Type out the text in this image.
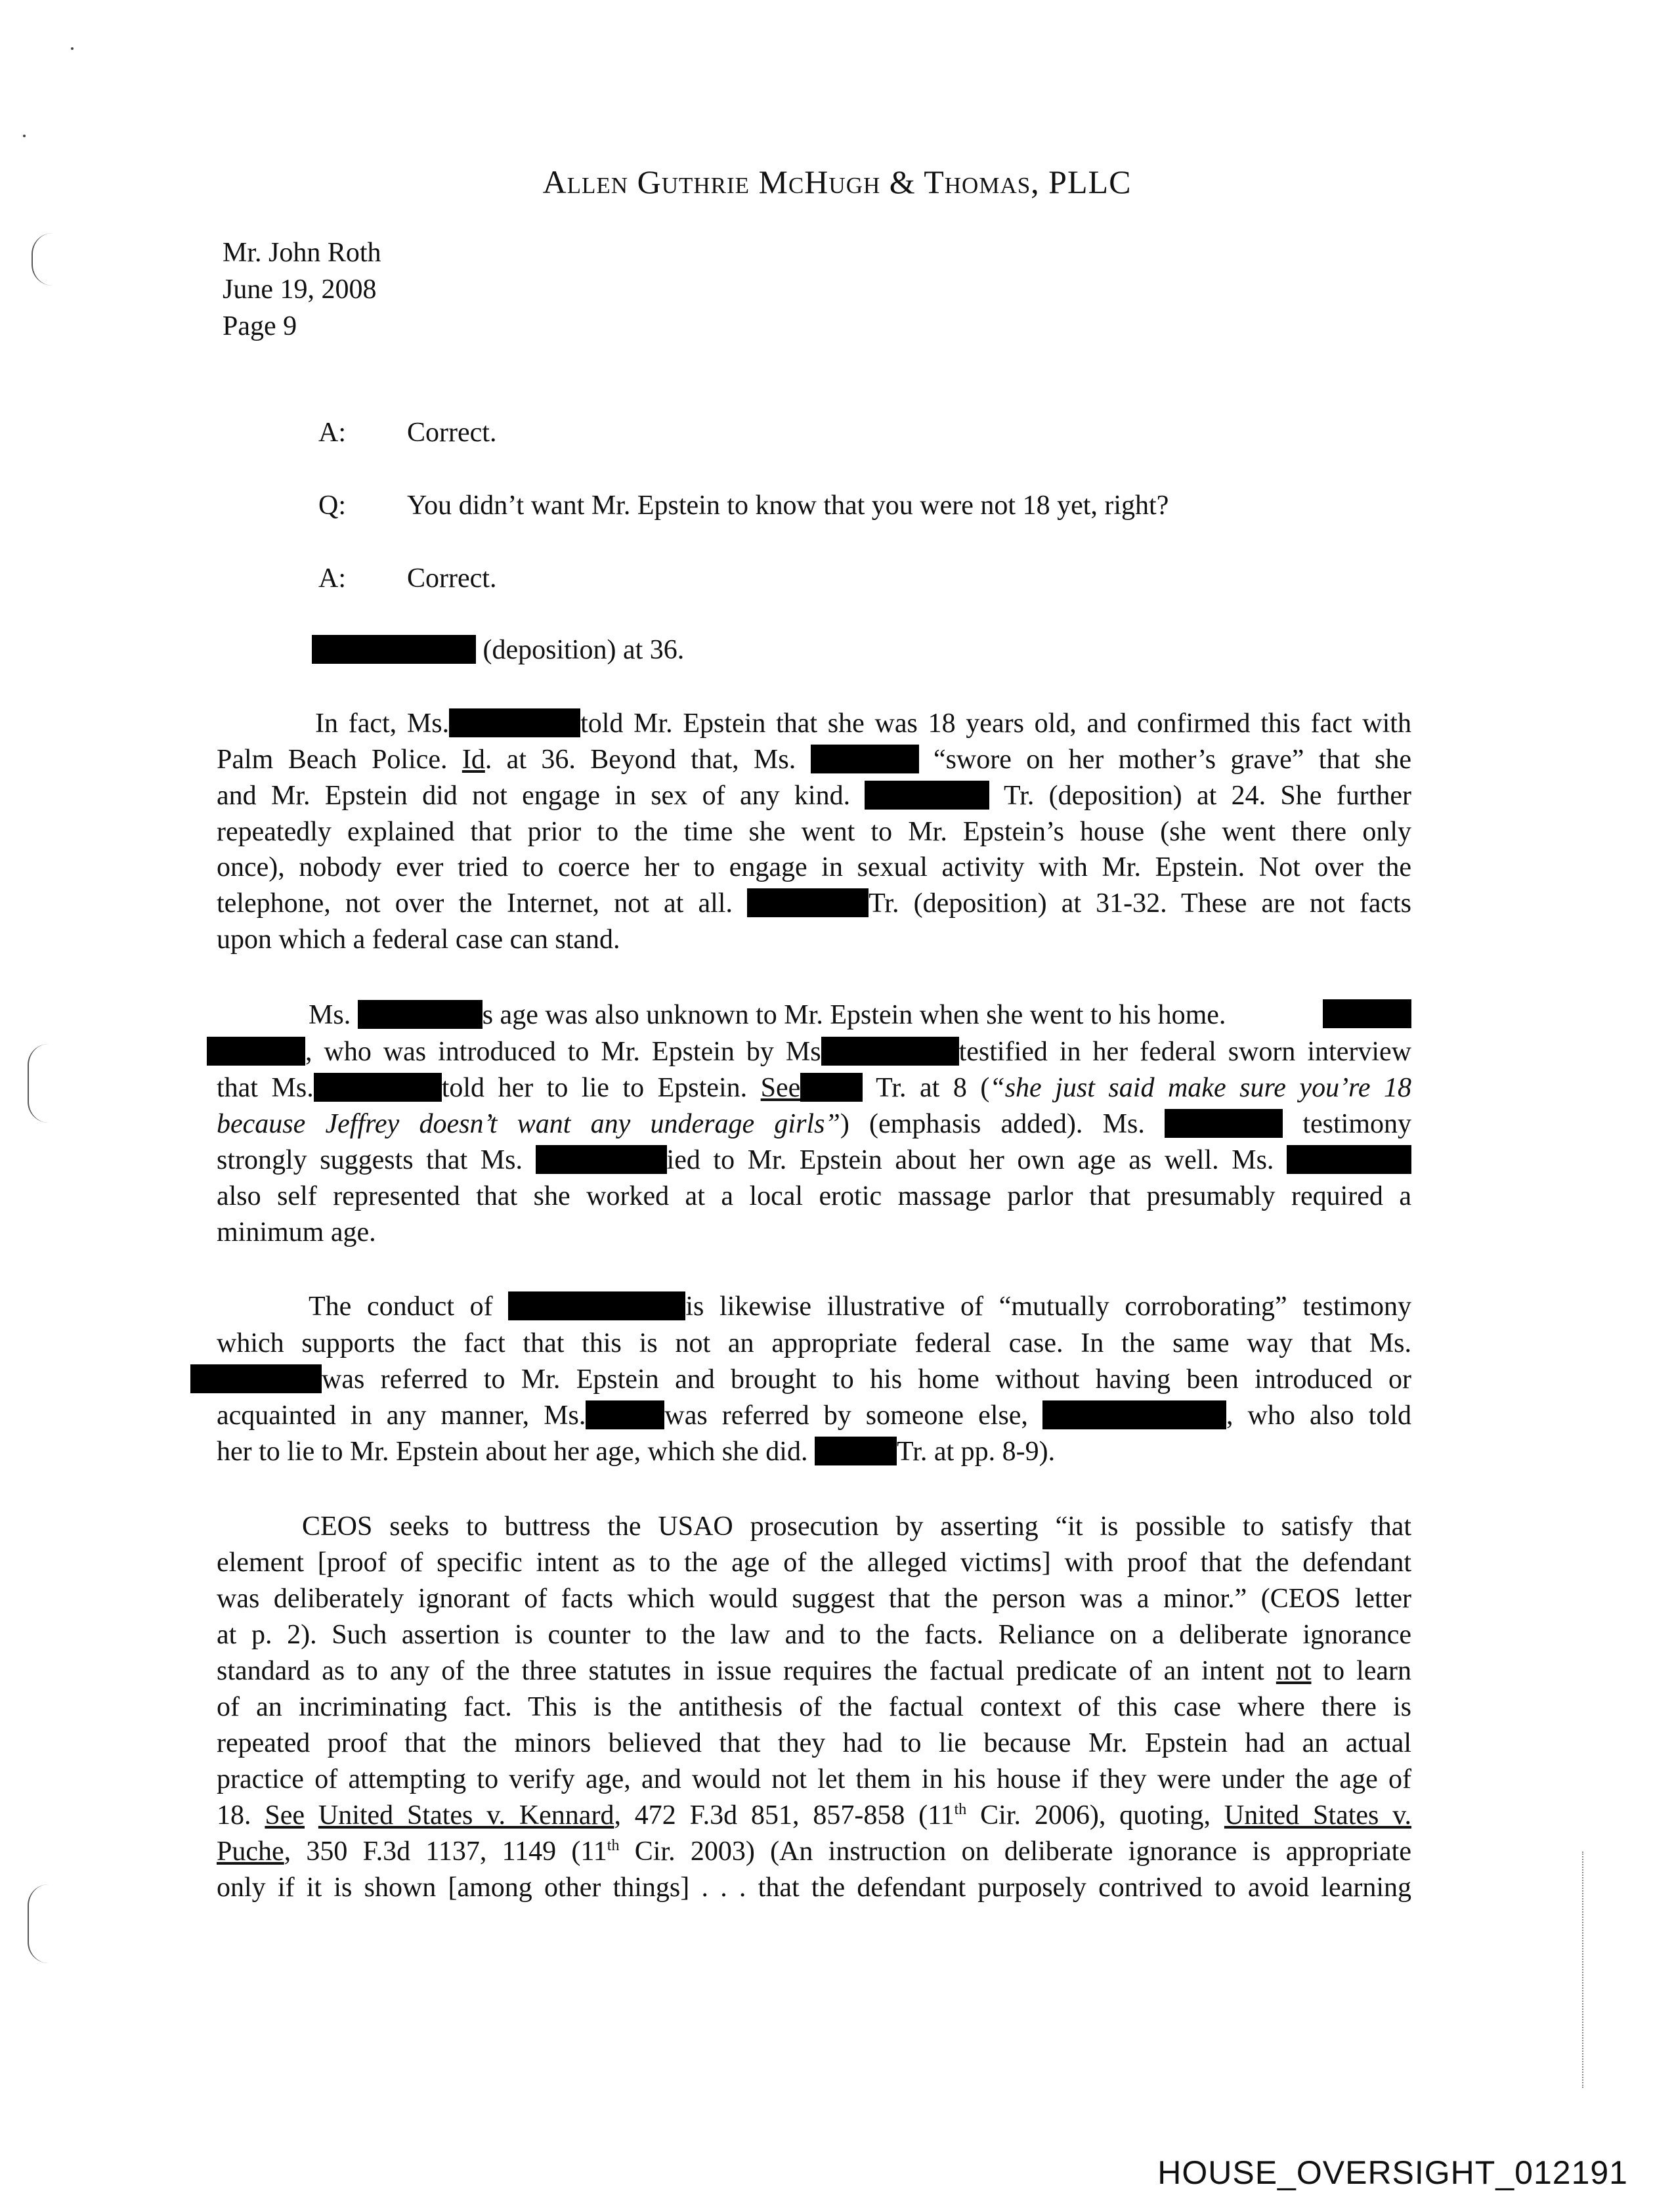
Allen Guthrie McHugh & Thomas, PLLC
Mr. John Roth
June 19, 2008
Page 9
A: Correct.
Q: You didn’t want Mr. Epstein to know that you were not 18 yet, right?
A: Correct.
(deposition) at 36.
In fact, Ms.	told Mr. Epstein that she was 18 years old, and confirmed this fact with
Palm Beach Police. Id. at 36. Beyond that, Ms.	“swore on her mother’s grave” that she
and Mr. Epstein did not engage in sex of any kind.	Tr. (deposition) at 24. She further
repeatedly explained that prior to the time she went to Mr. Epstein’s house (she went there only
once), nobody ever tried to coerce her to engage in sexual activity with Mr. Epstein. Not over the
telephone, not over the Internet, not at all.	Tr. (deposition) at 31-32. These are not facts
upon which a federal case can stand.
Ms.	s age was also unknown to Mr. Epstein when she went to his home.
, who was introduced to Mr. Epstein by Ms	testified in her federal sworn interview
that Ms.	told her to lie to Epstein. See	Tr. at 8 (“she just said make sure you’re 18
because Jeffrey doesn’t want any underage girls”) (emphasis added). Ms.	testimony
strongly suggests that Ms.	ied to Mr. Epstein about her own age as well. Ms.
also self represented that she worked at a local erotic massage parlor that presumably required a
minimum age.
The conduct of	is likewise illustrative of “mutually corroborating” testimony
which supports the fact that this is not an appropriate federal case. In the same way that Ms.
was referred to Mr. Epstein and brought to his home without having been introduced or
acquainted in any manner, Ms.	was referred by someone else,	, who also told
her to lie to Mr. Epstein about her age, which she did.	Tr. at pp. 8-9).
CEOS seeks to buttress the USAO prosecution by asserting “it is possible to satisfy that
element [proof of specific intent as to the age of the alleged victims] with proof that the defendant
was deliberately ignorant of facts which would suggest that the person was a minor.” (CEOS letter
at p. 2). Such assertion is counter to the law and to the facts. Reliance on a deliberate ignorance
standard as to any of the three statutes in issue requires the factual predicate of an intent not to learn
of an incriminating fact. This is the antithesis of the factual context of this case where there is
repeated proof that the minors believed that they had to lie because Mr. Epstein had an actual
practice of attempting to verify age, and would not let them in his house if they were under the age of
18. See United States v. Kennard, 472 F.3d 851, 857-858 (11th Cir. 2006), quoting, United States v.
Puche, 350 F.3d 1137, 1149 (11th Cir. 2003) (An instruction on deliberate ignorance is appropriate
only if it is shown [among other things] . . . that the defendant purposely contrived to avoid learning
HOUSE_OVERSIGHT_012191
